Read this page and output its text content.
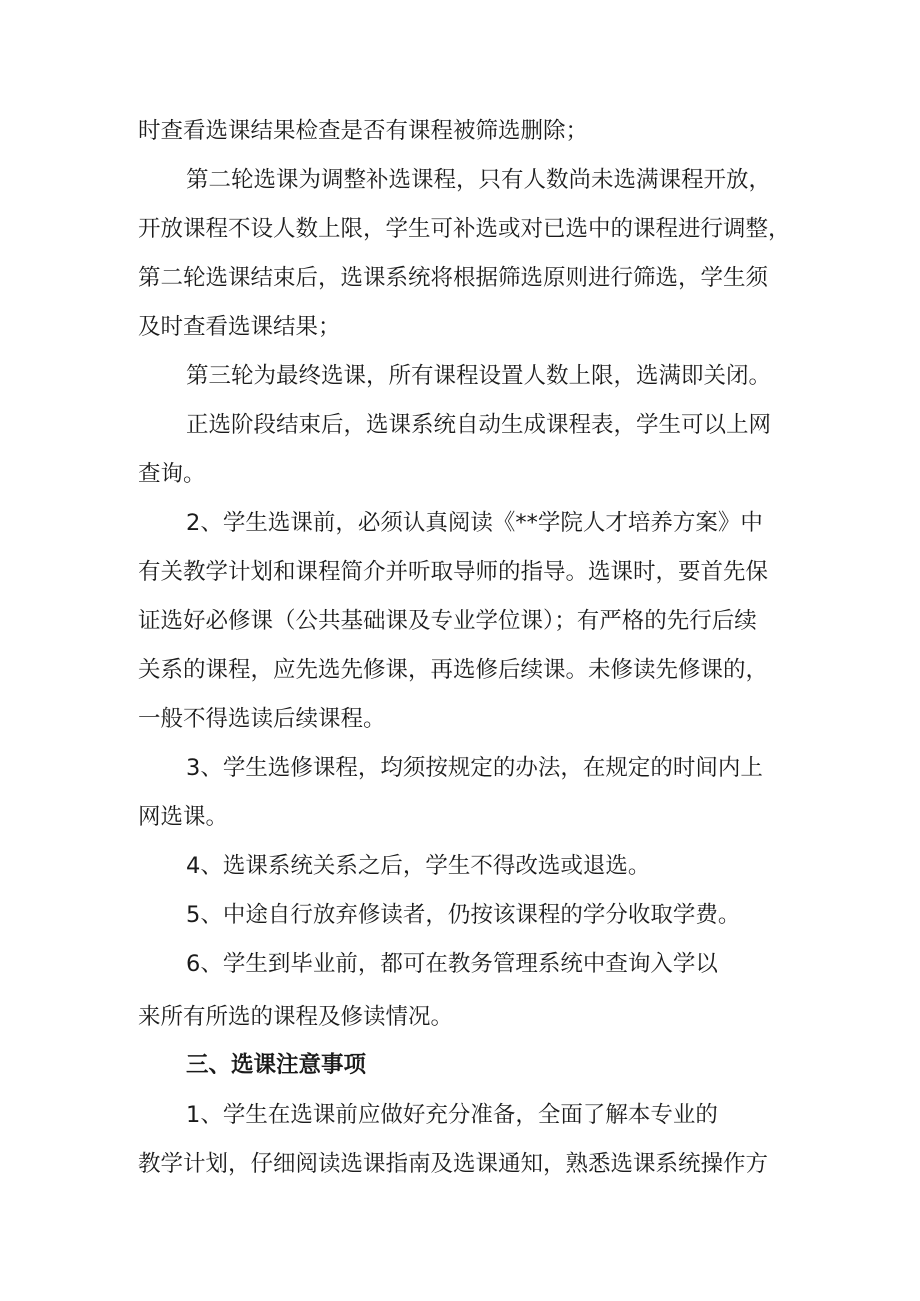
时查看选课结果检查是否有课程被筛选删除；
第二轮选课为调整补选课程，只有人数尚未选满课程开放，
开放课程不设人数上限，学生可补选或对已选中的课程进行调整，
第二轮选课结束后，选课系统将根据筛选原则进行筛选，学生须
及时查看选课结果；
第三轮为最终选课，所有课程设置人数上限，选满即关闭。
正选阶段结束后，选课系统自动生成课程表，学生可以上网
查询。
2、学生选课前，必须认真阅读《**学院人才培养方案》中
有关教学计划和课程简介并听取导师的指导。选课时，要首先保
证选好必修课（公共基础课及专业学位课）；有严格的先行后续
关系的课程，应先选先修课，再选修后续课。未修读先修课的，
一般不得选读后续课程。
3、学生选修课程，均须按规定的办法，在规定的时间内上
网选课。
4、选课系统关系之后，学生不得改选或退选。
5、中途自行放弃修读者，仍按该课程的学分收取学费。
6、学生到毕业前，都可在教务管理系统中查询入学以
来所有所选的课程及修读情况。
三、选课注意事项
1、学生在选课前应做好充分准备，全面了解本专业的
教学计划，仔细阅读选课指南及选课通知，熟悉选课系统操作方
